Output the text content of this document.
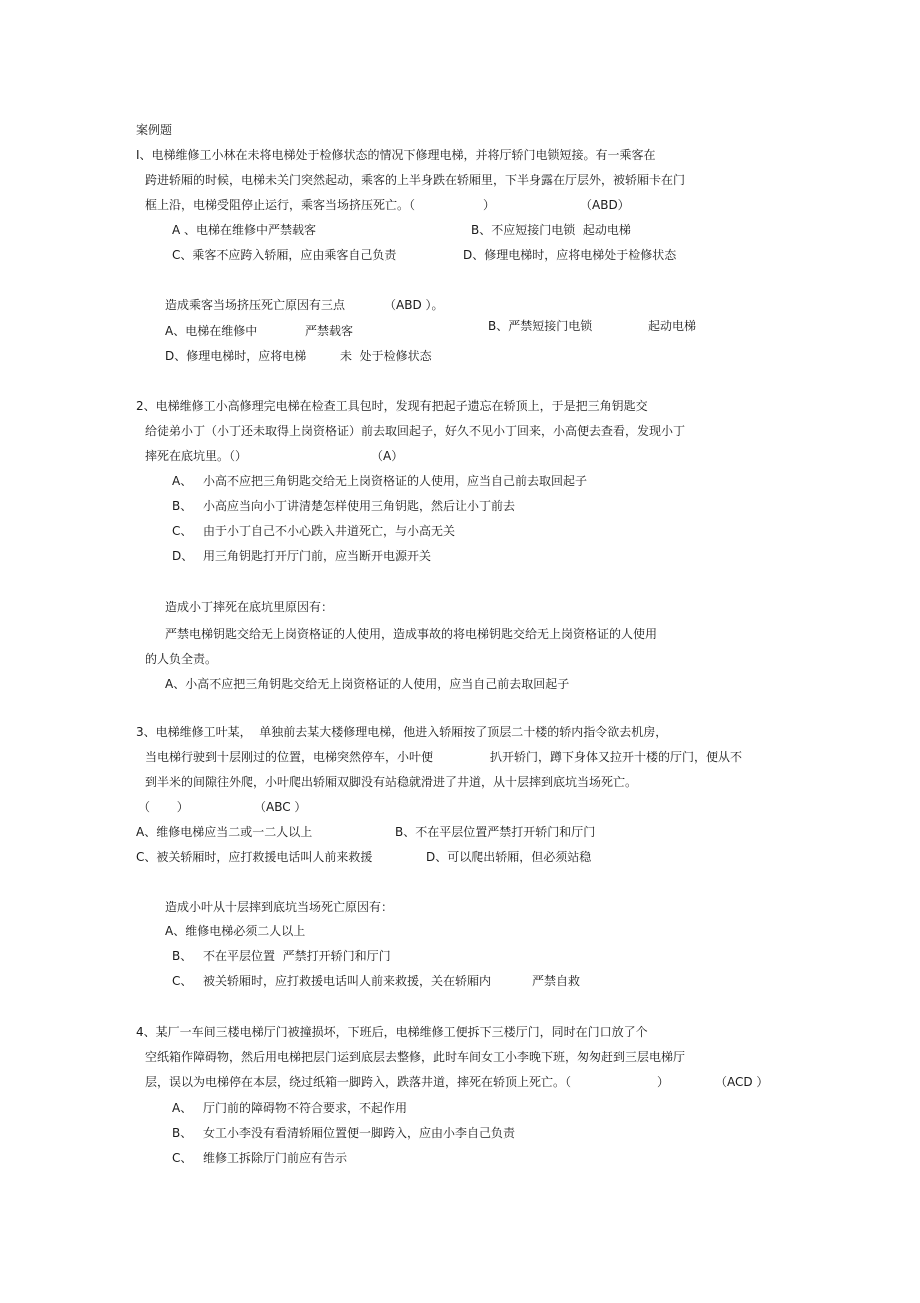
案例题
I、电梯维修工小林在未将电梯处于检修状态的情况下修理电梯，并将厅轿门电锁短接。有一乘客在
跨进轿厢的时候，电梯未关门突然起动，乘客的上半身跌在轿厢里，下半身露在厅层外，被轿厢卡在门
框上沿，电梯受阻停止运行，乘客当场挤压死亡。（	）	（ABD）
A 、电梯在维修中严禁载客	B、不应短接门电锁  起动电梯
C、乘客不应跨入轿厢，应由乘客自己负责	D、修理电梯时，应将电梯处于检修状态
造成乘客当场挤压死亡原因有三点	（ABD ）。
A、电梯在维修中	严禁载客	B、严禁短接门电锁	起动电梯
D、修理电梯时，应将电梯	未  处于检修状态
2、电梯维修工小高修理完电梯在检查工具包时，发现有把起子遗忘在轿顶上，于是把三角钥匙交
给徒弟小丁（小丁还未取得上岗资格证）前去取回起子，好久不见小丁回来，小高便去查看，发现小丁
摔死在底坑里。（）	（A）
A、 小高不应把三角钥匙交给无上岗资格证的人使用，应当自己前去取回起子
B、 小高应当向小丁讲清楚怎样使用三角钥匙，然后让小丁前去
C、 由于小丁自己不小心跌入井道死亡，与小高无关
D、 用三角钥匙打开厅门前，应当断开电源开关
造成小丁摔死在底坑里原因有：
严禁电梯钥匙交给无上岗资格证的人使用，造成事故的将电梯钥匙交给无上岗资格证的人使用
的人负全责。
A、小高不应把三角钥匙交给无上岗资格证的人使用，应当自己前去取回起子
3、电梯维修工叶某，  单独前去某大楼修理电梯，他进入轿厢按了顶层二十楼的轿内指令欲去机房，
当电梯行驶到十层刚过的位置，电梯突然停车，小叶便	扒开轿门，蹲下身体又拉开十楼的厅门，便从不
到半米的间隙往外爬，小叶爬出轿厢双脚没有站稳就滑进了井道，从十层摔到底坑当场死亡。
（       ）	（ABC ）
A、维修电梯应当二或一二人以上	B、不在平层位置严禁打开轿门和厅门
C、被关轿厢时，应打救援电话叫人前来救援	D、可以爬出轿厢，但必须站稳
造成小叶从十层摔到底坑当场死亡原因有：
A、维修电梯必须二人以上
B、 不在平层位置  严禁打开轿门和厅门
C、 被关轿厢时，应打救援电话叫人前来救援，关在轿厢内	严禁自救
4、某厂一车间三楼电梯厅门被撞损坏，下班后，电梯维修工便拆下三楼厅门，同时在门口放了个
空纸箱作障碍物，然后用电梯把层门运到底层去整修，此时车间女工小李晚下班，匆匆赶到三层电梯厅
层，误以为电梯停在本层，绕过纸箱一脚跨入，跌落井道，摔死在轿顶上死亡。（	）	（ACD ）
A、 厅门前的障碍物不符合要求，不起作用
B、 女工小李没有看清轿厢位置便一脚跨入，应由小李自己负责
C、 维修工拆除厅门前应有告示
